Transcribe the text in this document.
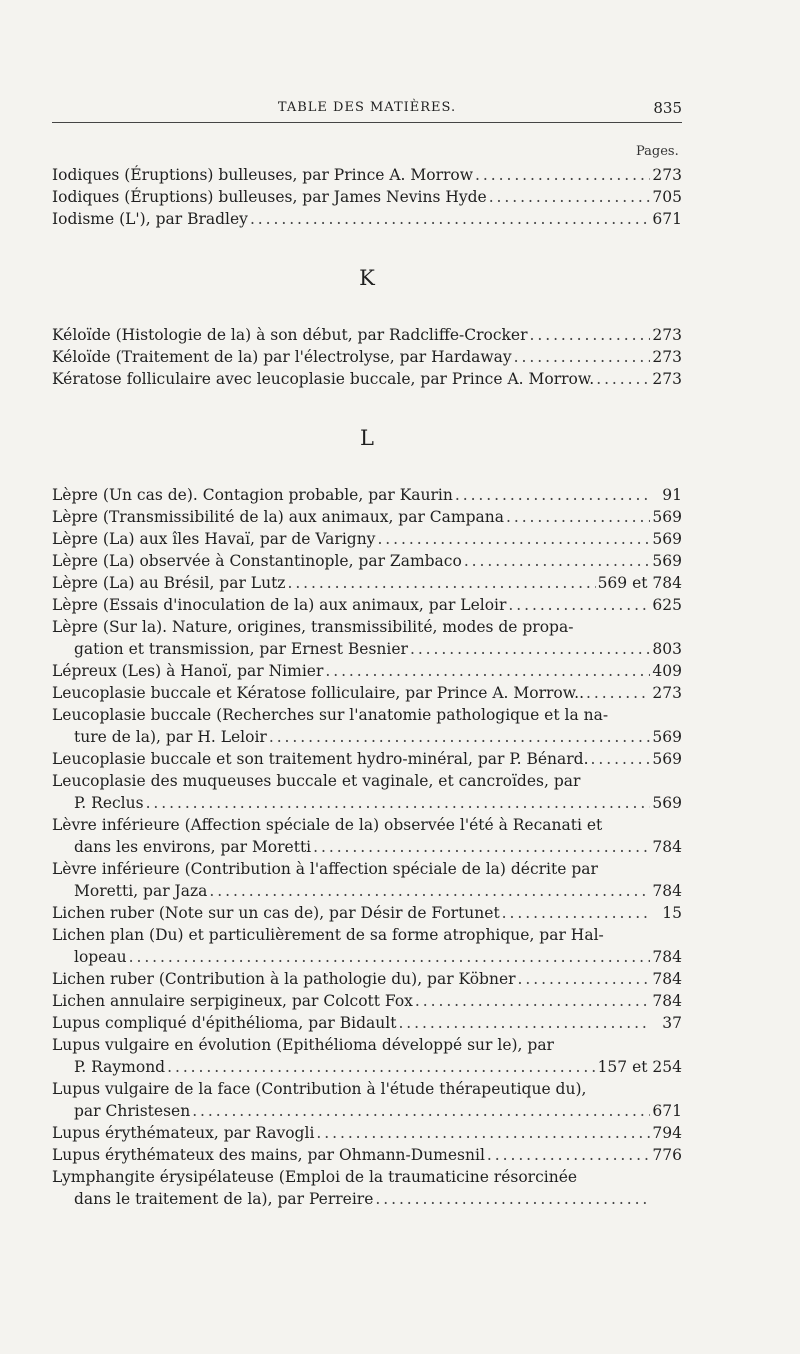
TABLE DES MATIÈRES.	835
Pages.
Iodiques (Éruptions) bulleuses, par Prince A. Morrow . . .	273
Iodiques (Éruptions) bulleuses, par James Nevins Hyde . . .	705
Iodisme (L'), par Bradley . . .	671
K
Kéloïde (Histologie de la) à son début, par Radcliffe-Crocker . . .	273
Kéloïde (Traitement de la) par l'électrolyse, par Hardaway . . .	273
Kératose folliculaire avec leucoplasie buccale, par Prince A. Morrow. . . .	273
L
Lèpre (Un cas de). Contagion probable, par Kaurin . . .	91
Lèpre (Transmissibilité de la) aux animaux, par Campana . . .	569
Lèpre (La) aux îles Havaï, par de Varigny . . .	569
Lèpre (La) observée à Constantinople, par Zambaco . . .	569
Lèpre (La) au Brésil, par Lutz . . .	569 et 784
Lèpre (Essais d'inoculation de la) aux animaux, par Leloir . . .	625
Lèpre (Sur la). Nature, origines, transmissibilité, modes de propa-
gation et transmission, par Ernest Besnier . . .	803
Lépreux (Les) à Hanoï, par Nimier . . .	409
Leucoplasie buccale et Kératose folliculaire, par Prince A. Morrow.. . . .	273
Leucoplasie buccale (Recherches sur l'anatomie pathologique et la na-
ture de la), par H. Leloir . . .	569
Leucoplasie buccale et son traitement hydro-minéral, par P. Bénard. . . .	569
Leucoplasie des muqueuses buccale et vaginale, et cancroïdes, par
P. Reclus . . .	569
Lèvre inférieure (Affection spéciale de la) observée l'été à Recanati et
dans les environs, par Moretti . . .	784
Lèvre inférieure (Contribution à l'affection spéciale de la) décrite par
Moretti, par Jaza . . .	784
Lichen ruber (Note sur un cas de), par Désir de Fortunet . . .	15
Lichen plan (Du) et particulièrement de sa forme atrophique, par Hal-
lopeau . . .	784
Lichen ruber (Contribution à la pathologie du), par Köbner . . .	784
Lichen annulaire serpigineux, par Colcott Fox . . .	784
Lupus compliqué d'épithélioma, par Bidault . . .	37
Lupus vulgaire en évolution (Epithélioma développé sur le), par
P. Raymond . . .	157 et 254
Lupus vulgaire de la face (Contribution à l'étude thérapeutique du),
par Christesen . . .	671
Lupus érythémateux, par Ravogli . . .	794
Lupus érythémateux des mains, par Ohmann-Dumesnil . . .	776
Lymphangite érysipélateuse (Emploi de la traumaticine résorcinée
dans le traitement de la), par Perreire
. . .
